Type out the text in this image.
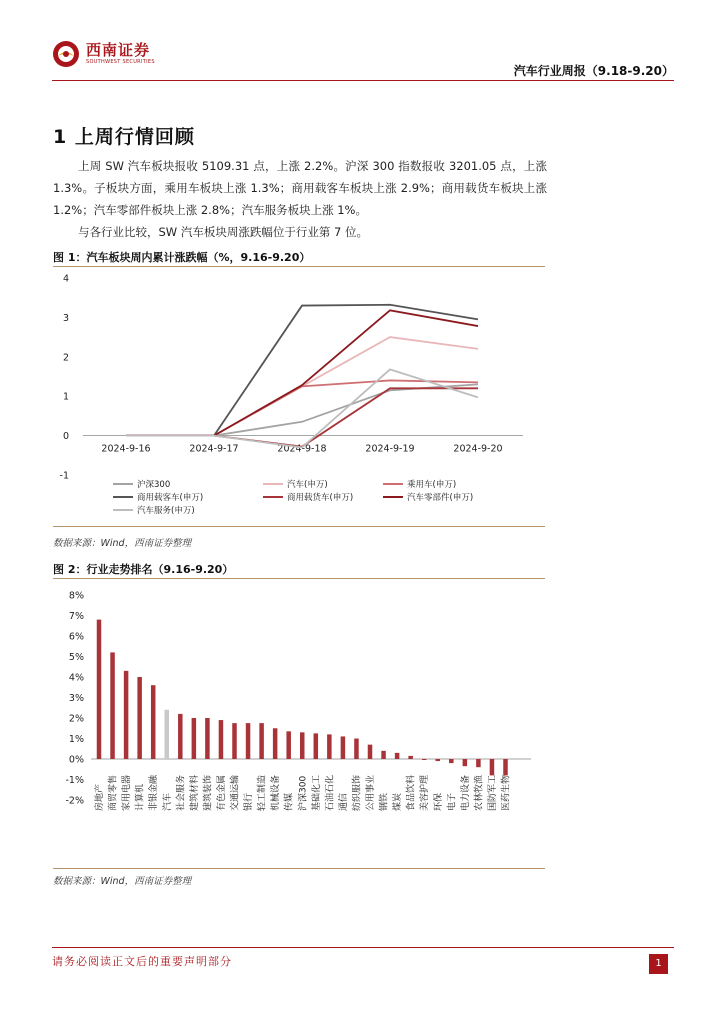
西南证券
SOUTHWEST SECURITIES
汽车行业周报（9.18-9.20）
1 上周行情回顾
上周 SW 汽车板块报收 5109.31 点，上涨 2.2%。沪深 300 指数报收 3201.05 点，上涨 1.3%。子板块方面，乘用车板块上涨 1.3%；商用载客车板块上涨 2.9%；商用载货车板块上涨 1.2%；汽车零部件板块上涨 2.8%；汽车服务板块上涨 1%。
与各行业比较，SW 汽车板块周涨跌幅位于行业第 7 位。
图 1：汽车板块周内累计涨跌幅（%，9.16-9.20）
4
3
2
1
0
-1
2024-9-16	2024-9-17	2024-9-18	2024-9-19	2024-9-20
沪深300	汽车(申万)	乘用车(申万)
商用载客车(申万)	商用载货车(申万)	汽车零部件(申万)
汽车服务(申万)
数据来源：Wind，西南证券整理
图 2：行业走势排名（9.16-9.20）
8%
7%
6%
5%
4%
3%
2%
1%
0%
-1%
-2% 房地产 商贸零售 家用电器 计算机 非银金融 汽车 社会服务 建筑材料 建筑装饰 有色金属 交通运输 银行 轻工制造 机械设备 传媒 沪深300 基础化工 石油石化 通信 纺织服饰 公用事业 钢铁 煤炭 食品饮料 美容护理 环保 电子 电力设备 农林牧渔 国防军工 医药生物
数据来源：Wind，西南证券整理
请务必阅读正文后的重要声明部分	1
